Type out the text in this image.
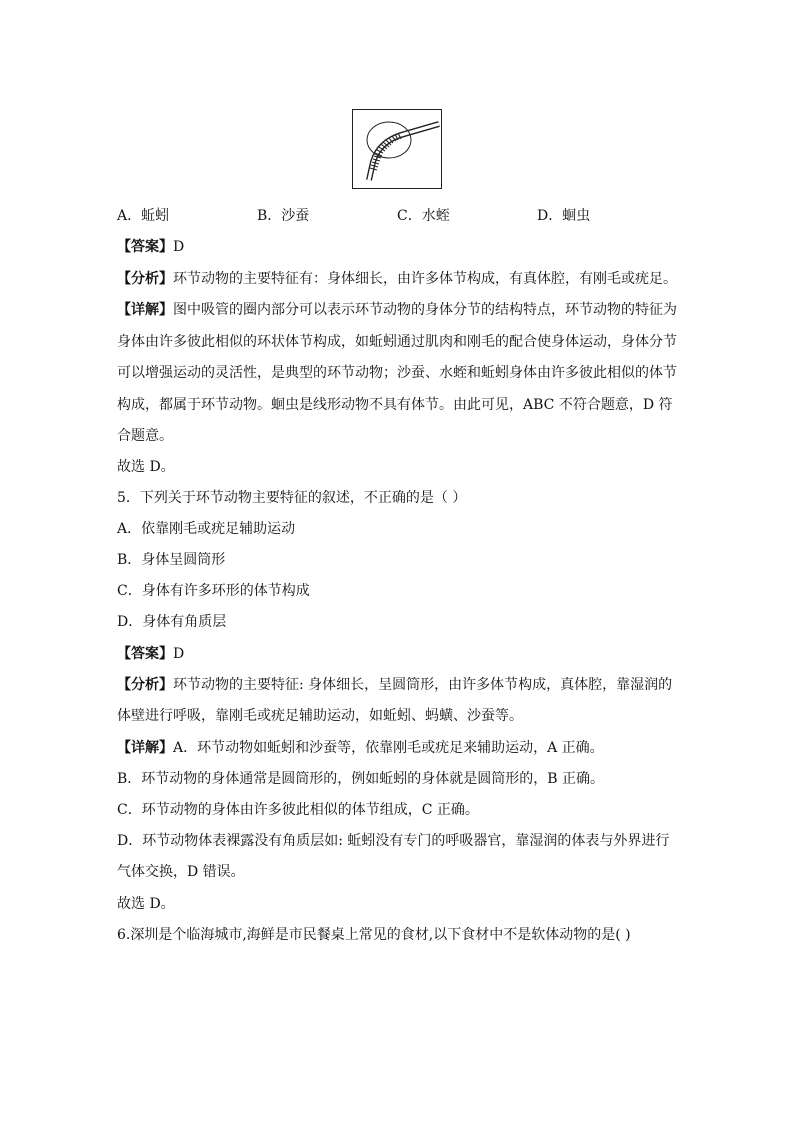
A．蚯蚓	B．沙蚕	C．水蛭	D．蛔虫
【答案】D
【分析】环节动物的主要特征有：身体细长，由许多体节构成，有真体腔，有刚毛或疣足。
【详解】图中吸管的圈内部分可以表示环节动物的身体分节的结构特点，环节动物的特征为
身体由许多彼此相似的环状体节构成，如蚯蚓通过肌肉和刚毛的配合使身体运动，身体分节
可以增强运动的灵活性，是典型的环节动物；沙蚕、水蛭和蚯蚓身体由许多彼此相似的体节
构成，都属于环节动物。蛔虫是线形动物不具有体节。由此可见，ABC 不符合题意，D 符
合题意。
故选 D。
5．下列关于环节动物主要特征的叙述，不正确的是（ ）
A．依靠刚毛或疣足辅助运动
B．身体呈圆筒形
C．身体有许多环形的体节构成
D．身体有角质层
【答案】D
【分析】环节动物的主要特征: 身体细长，呈圆筒形，由许多体节构成，真体腔，靠湿润的
体壁进行呼吸，靠刚毛或疣足辅助运动，如蚯蚓、蚂蟥、沙蚕等。
【详解】A．环节动物如蚯蚓和沙蚕等，依靠刚毛或疣足来辅助运动，A 正确。
B．环节动物的身体通常是圆筒形的，例如蚯蚓的身体就是圆筒形的，B 正确。
C．环节动物的身体由许多彼此相似的体节组成，C 正确。
D．环节动物体表裸露没有角质层如: 蚯蚓没有专门的呼吸器官，靠湿润的体表与外界进行
气体交换，D 错误。
故选 D。
6.深圳是个临海城市,海鲜是市民餐桌上常见的食材,以下食材中不是软体动物的是( )
